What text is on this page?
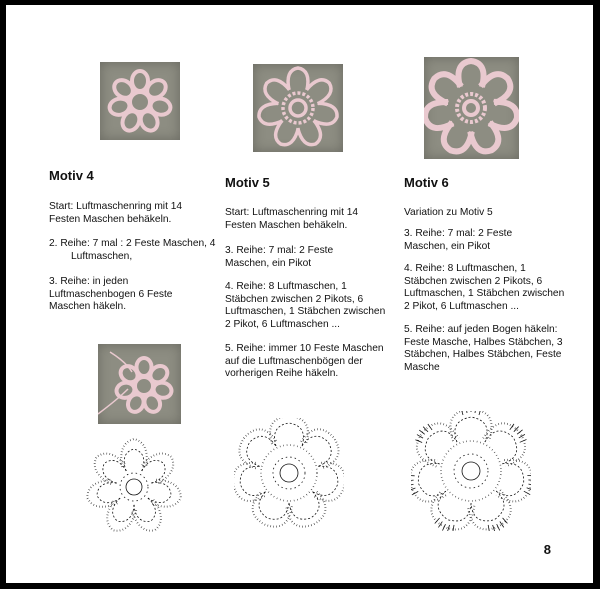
Motiv 4

Start: Luftmaschenring mit 14 Festen Maschen behäkeln.

2. Reihe: 7 mal : 2 Feste Maschen, 4 Luftmaschen,

3. Reihe: in jeden Luftmaschenbogen 6 Feste Maschen häkeln.

Motiv 5

Start: Luftmaschenring mit 14 Festen Maschen behäkeln.

3. Reihe: 7 mal: 2 Feste Maschen, ein Pikot

4. Reihe: 8 Luftmaschen, 1 Stäbchen zwischen 2 Pikots, 6 Luftmaschen, 1 Stäbchen zwischen 2 Pikot, 6 Luftmaschen ...

5. Reihe: immer 10 Feste Maschen auf die Luftmaschenbögen der vorherigen Reihe häkeln.

Motiv 6

Variation zu Motiv 5

3. Reihe: 7 mal: 2 Feste Maschen, ein Pikot

4. Reihe: 8 Luftmaschen, 1 Stäbchen zwischen 2 Pikots, 6 Luftmaschen, 1 Stäbchen zwischen 2 Pikot, 6 Luftmaschen ...

5. Reihe: auf jeden Bogen häkeln: Feste Masche, Halbes Stäbchen, 3 Stäbchen, Halbes Stäbchen, Feste Masche

8
